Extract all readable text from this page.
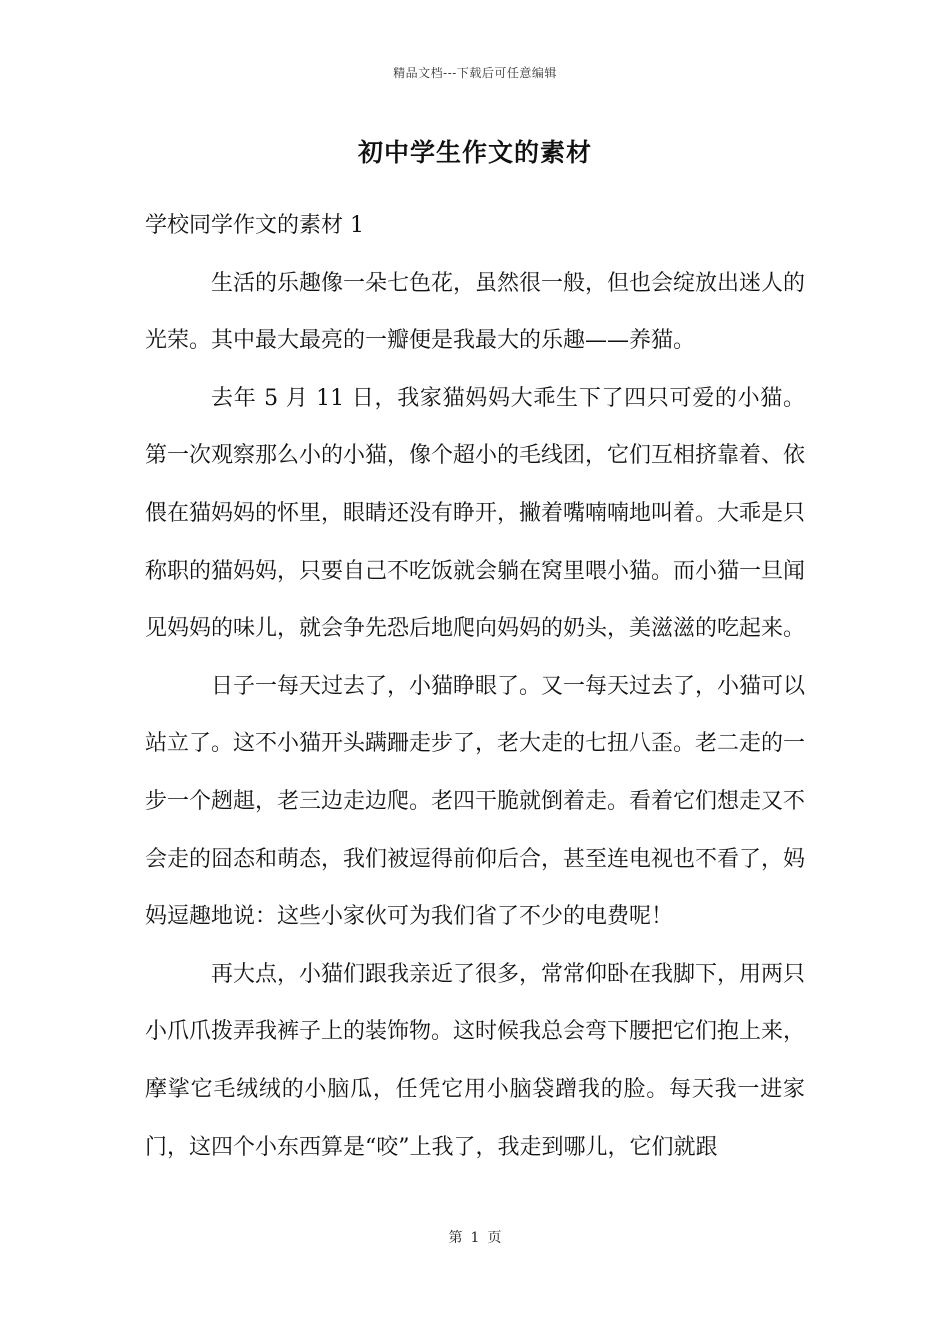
精品文档---下载后可任意编辑
初中学生作文的素材

学校同学作文的素材 1

生活的乐趣像一朵七色花，虽然很一般，但也会绽放出迷人的光荣。其中最大最亮的一瓣便是我最大的乐趣——养猫。

去年 5 月 11 日，我家猫妈妈大乖生下了四只可爱的小猫。第一次观察那么小的小猫，像个超小的毛线团，它们互相挤靠着、依偎在猫妈妈的怀里，眼睛还没有睁开，撇着嘴喃喃地叫着。大乖是只称职的猫妈妈，只要自己不吃饭就会躺在窝里喂小猫。而小猫一旦闻见妈妈的味儿，就会争先恐后地爬向妈妈的奶头，美滋滋的吃起来。

日子一每天过去了，小猫睁眼了。又一每天过去了，小猫可以站立了。这不小猫开头蹒跚走步了，老大走的七扭八歪。老二走的一步一个趔趄，老三边走边爬。老四干脆就倒着走。看着它们想走又不会走的囧态和萌态，我们被逗得前仰后合，甚至连电视也不看了，妈妈逗趣地说：这些小家伙可为我们省了不少的电费呢！

再大点，小猫们跟我亲近了很多，常常仰卧在我脚下，用两只小爪爪拨弄我裤子上的装饰物。这时候我总会弯下腰把它们抱上来，摩挲它毛绒绒的小脑瓜，任凭它用小脑袋蹭我的脸。每天我一进家门，这四个小东西算是“咬”上我了，我走到哪儿，它们就跟

第 1 页
